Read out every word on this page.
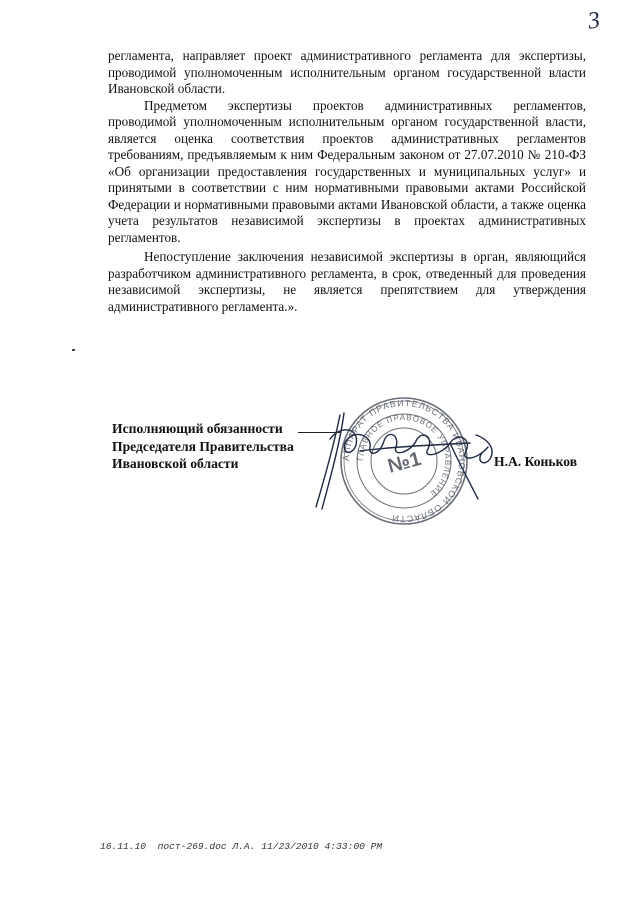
3

регламента, направляет проект административного регламента для экспертизы, проводимой уполномоченным исполнительным органом государственной власти Ивановской области.

Предметом экспертизы проектов административных регламентов, проводимой уполномоченным исполнительным органом государственной власти, является оценка соответствия проектов административных регламентов требованиям, предъявляемым к ним Федеральным законом от 27.07.2010 № 210-ФЗ «Об организации предоставления государственных и муниципальных услуг» и принятыми в соответствии с ним нормативными правовыми актами Российской Федерации и нормативными правовыми актами Ивановской области, а также оценка учета результатов независимой экспертизы в проектах административных регламентов.

Непоступление заключения независимой экспертизы в орган, являющийся разработчиком административного регламента, в срок, отведенный для проведения независимой экспертизы, не является препятствием для утверждения административного регламента.».

Исполняющий обязанности
Председателя Правительства
Ивановской области	АППАРАТ ПРАВИТЕЛЬСТВА ИВАНОВСКОЙ ОБЛАСТИ
ГЛАВНОЕ ПРАВОВОЕ УПРАВЛЕНИЕ
№1	Н.А. Коньков
16.11.10  пост-269.doc Л.А. 11/23/2010 4:33:00 PM
